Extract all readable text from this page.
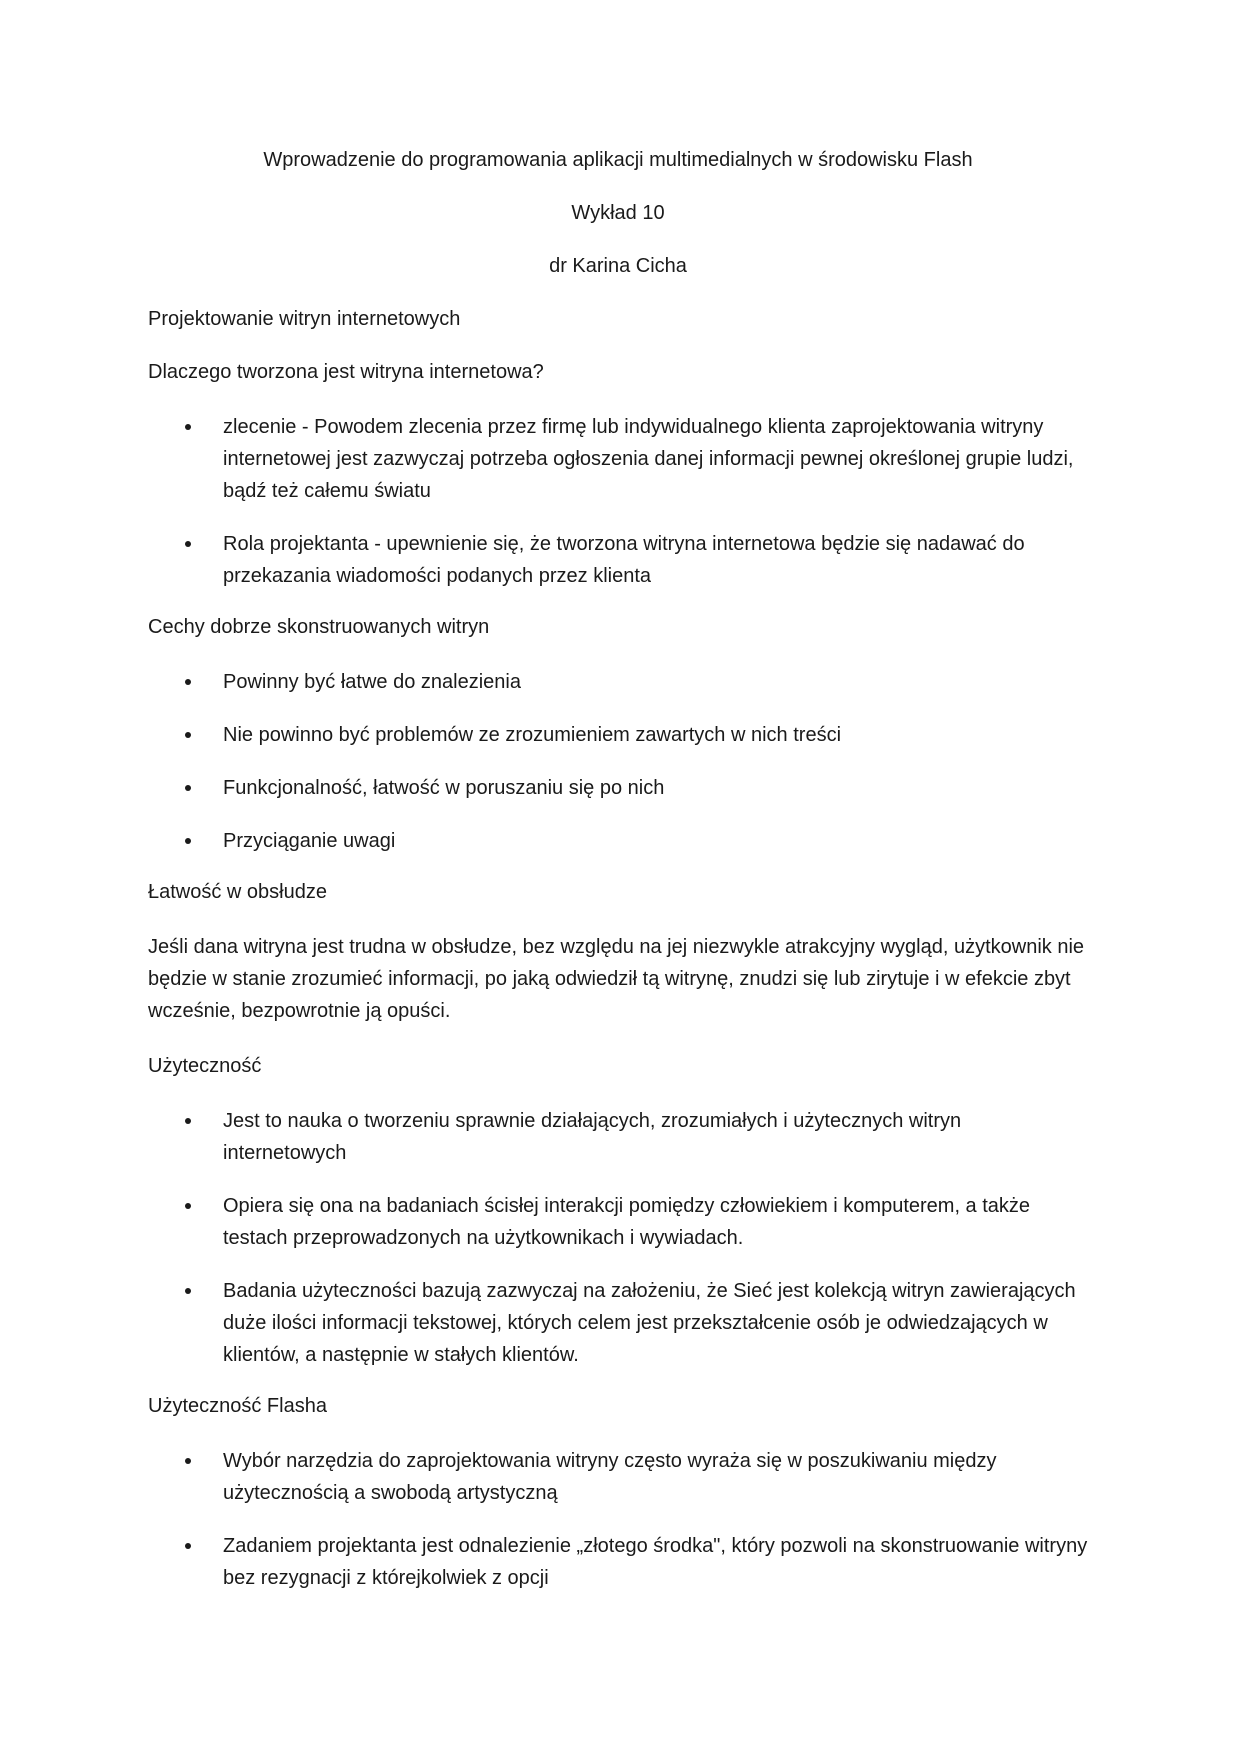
Wprowadzenie do programowania aplikacji multimedialnych w środowisku Flash

Wykład 10

dr Karina Cicha

Projektowanie witryn internetowych

Dlaczego tworzona jest witryna internetowa?

zlecenie - Powodem zlecenia przez firmę lub indywidualnego klienta zaprojektowania witryny internetowej jest zazwyczaj potrzeba ogłoszenia danej informacji pewnej określonej grupie ludzi, bądź też całemu światu
Rola projektanta - upewnienie się, że tworzona witryna internetowa będzie się nadawać do przekazania wiadomości podanych przez klienta

Cechy dobrze skonstruowanych witryn

Powinny być łatwe do znalezienia
Nie powinno być problemów ze zrozumieniem zawartych w nich treści
Funkcjonalność, łatwość w poruszaniu się po nich
Przyciąganie uwagi

Łatwość w obsłudze

Jeśli dana witryna jest trudna w obsłudze, bez względu na jej niezwykle atrakcyjny wygląd, użytkownik nie będzie w stanie zrozumieć informacji, po jaką odwiedził tą witrynę, znudzi się lub zirytuje i w efekcie zbyt wcześnie, bezpowrotnie ją opuści.

Użyteczność

Jest to nauka o tworzeniu sprawnie działających, zrozumiałych i użytecznych witryn internetowych
Opiera się ona na badaniach ścisłej interakcji pomiędzy człowiekiem i komputerem, a także testach przeprowadzonych na użytkownikach i wywiadach.
Badania użyteczności bazują zazwyczaj na założeniu, że Sieć jest kolekcją witryn zawierających duże ilości informacji tekstowej, których celem jest przekształcenie osób je odwiedzających w klientów, a następnie w stałych klientów.

Użyteczność Flasha

Wybór narzędzia do zaprojektowania witryny często wyraża się w poszukiwaniu między użytecznością a swobodą artystyczną
Zadaniem projektanta jest odnalezienie „złotego środka", który pozwoli na skonstruowanie witryny bez rezygnacji z którejkolwiek z opcji
